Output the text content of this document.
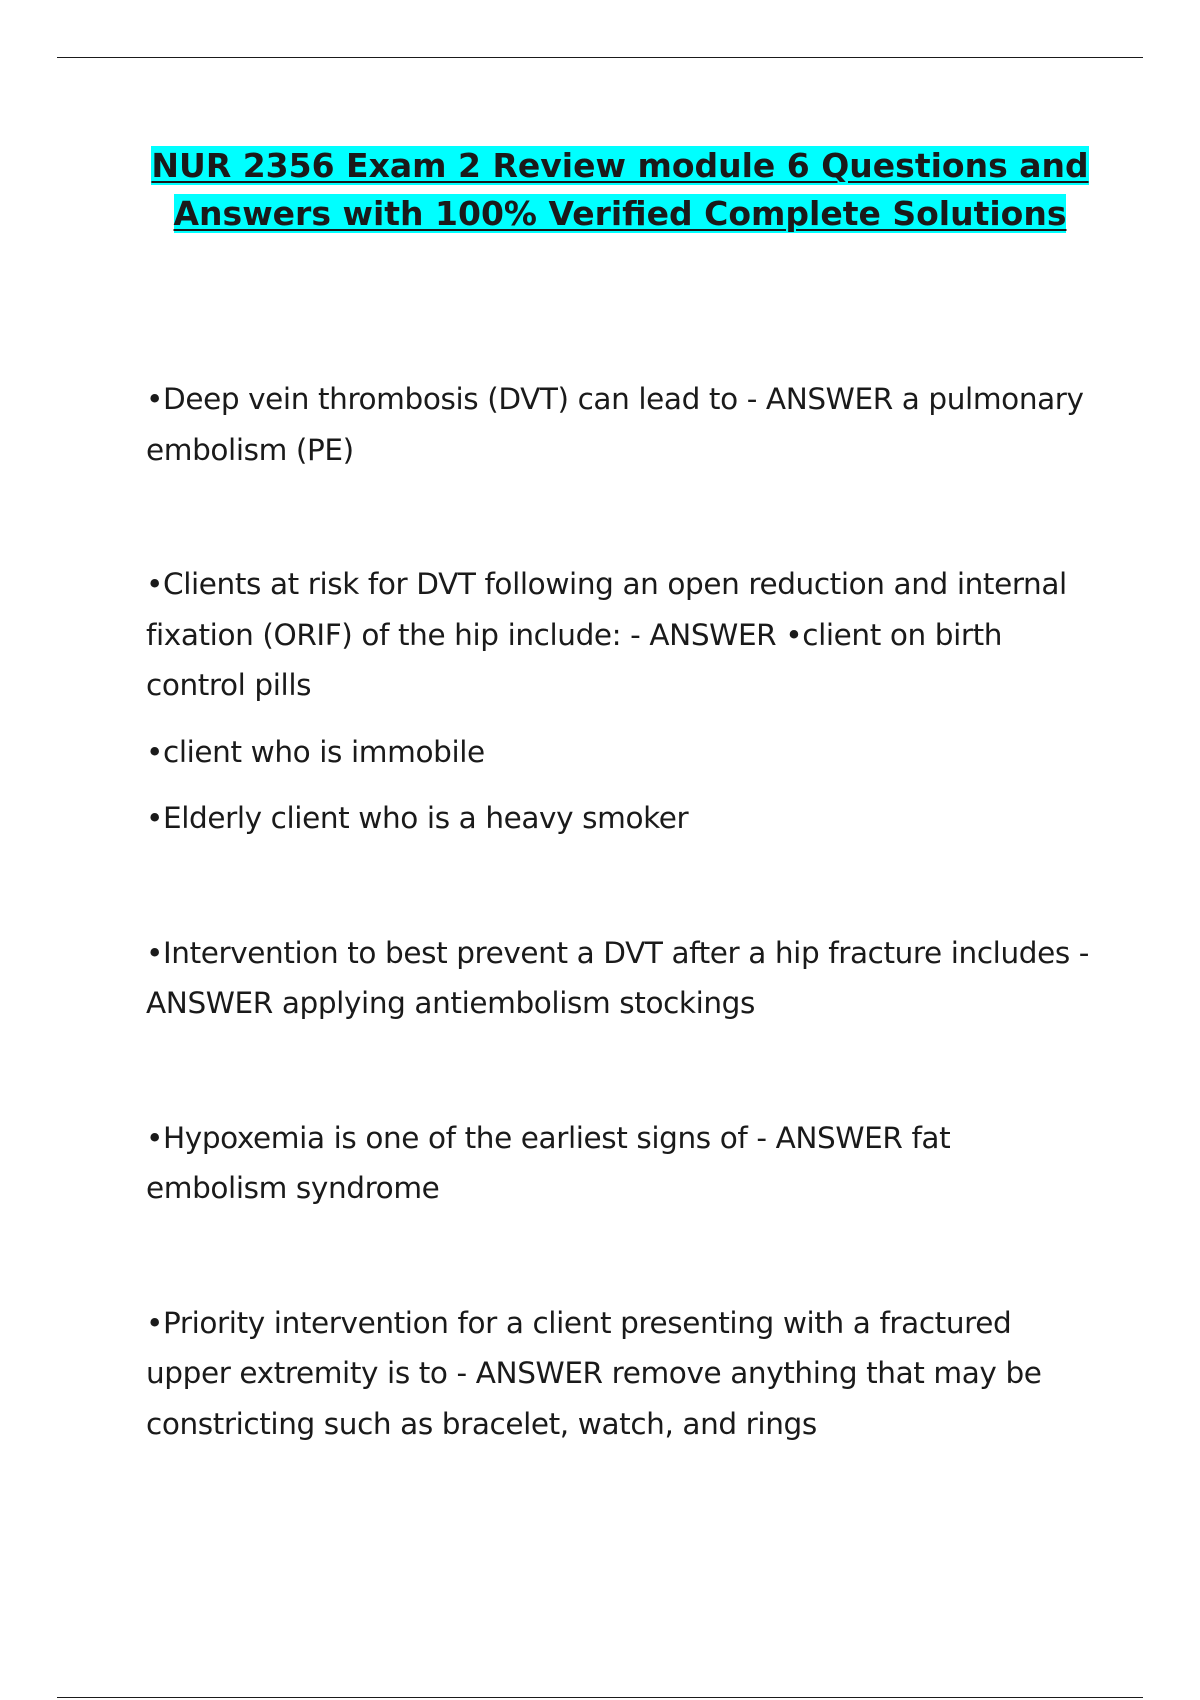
NUR 2356 Exam 2 Review module 6 Questions and Answers with 100% Verified Complete Solutions

•Deep vein thrombosis (DVT) can lead to - ANSWER a pulmonary embolism (PE)

•Clients at risk for DVT following an open reduction and internal fixation (ORIF) of the hip include: - ANSWER •client on birth control pills

•client who is immobile

•Elderly client who is a heavy smoker

•Intervention to best prevent a DVT after a hip fracture includes - ANSWER applying antiembolism stockings

•Hypoxemia is one of the earliest signs of - ANSWER fat embolism syndrome

•Priority intervention for a client presenting with a fractured upper extremity is to - ANSWER remove anything that may be constricting such as bracelet, watch, and rings
